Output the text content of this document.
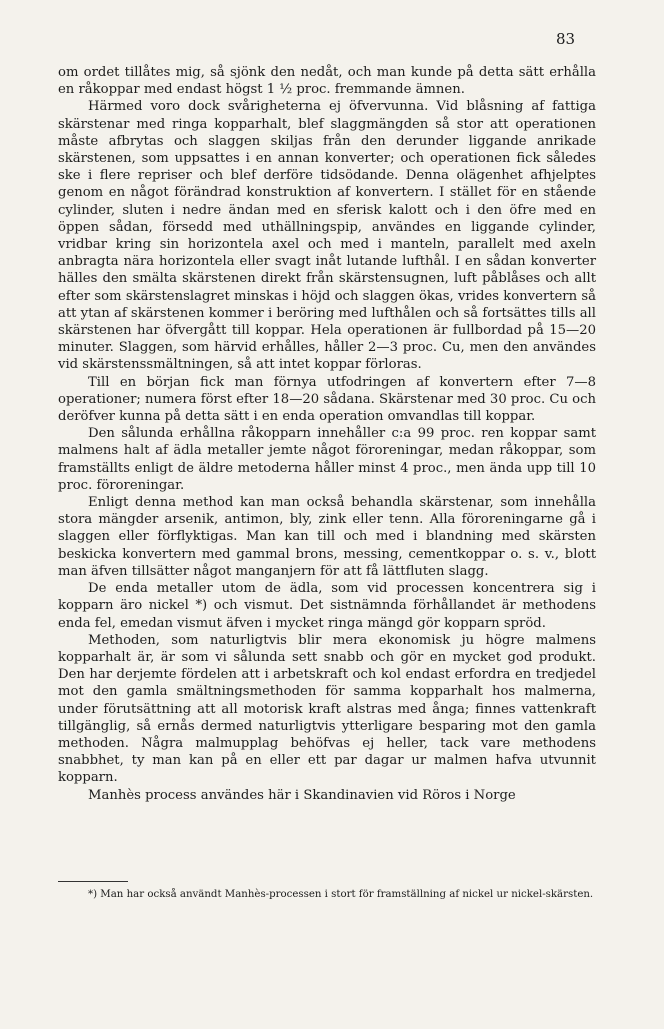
83

om ordet tillåtes mig, så sjönk den nedåt, och man kunde på detta sätt erhålla en råkoppar med endast högst 1 ½ proc. fremmande ämnen.

Härmed voro dock svårigheterna ej öfvervunna. Vid blåsning af fattiga skärstenar med ringa kopparhalt, blef slaggmängden så stor att operationen måste afbrytas och slaggen skiljas från den derunder liggande anrikade skärstenen, som uppsattes i en annan konverter; och operationen fick således ske i flere repriser och blef derföre tidsödande. Denna olägenhet afhjelptes genom en något förändrad konstruktion af konvertern. I stället för en stående cylinder, sluten i nedre ändan med en sferisk kalott och i den öfre med en öppen sådan, försedd med uthällningspip, användes en liggande cylinder, vridbar kring sin horizontela axel och med i manteln, parallelt med axeln anbragta nära horizontela eller svagt inåt lutande lufthål. I en sådan konverter hälles den smälta skärstenen direkt från skärstensugnen, luft påblåses och allt efter som skärstenslagret minskas i höjd och slaggen ökas, vrides konvertern så att ytan af skärstenen kommer i beröring med lufthålen och så fortsättes tills all skärstenen har öfvergått till koppar. Hela operationen är fullbordad på 15—20 minuter. Slaggen, som härvid erhålles, håller 2—3 proc. Cu, men den användes vid skärstenssmältningen, så att intet koppar förloras.

Till en början fick man förnya utfodringen af konvertern efter 7—8 operationer; numera först efter 18—20 sådana. Skärstenar med 30 proc. Cu och deröfver kunna på detta sätt i en enda operation omvandlas till koppar.

Den sålunda erhållna råkopparn innehåller c:a 99 proc. ren koppar samt malmens halt af ädla metaller jemte något föroreningar, medan råkoppar, som framställts enligt de äldre metoderna håller minst 4 proc., men ända upp till 10 proc. föroreningar.

Enligt denna method kan man också behandla skärstenar, som innehålla stora mängder arsenik, antimon, bly, zink eller tenn. Alla föroreningarne gå i slaggen eller förflyktigas. Man kan till och med i blandning med skärsten beskicka konvertern med gammal brons, messing, cementkoppar o. s. v., blott man äfven tillsätter något manganjern för att få lättfluten slagg.

De enda metaller utom de ädla, som vid processen koncentrera sig i kopparn äro nickel *) och vismut. Det sistnämnda förhållandet är methodens enda fel, emedan vismut äfven i mycket ringa mängd gör kopparn spröd.

Methoden, som naturligtvis blir mera ekonomisk ju högre malmens kopparhalt är, är som vi sålunda sett snabb och gör en mycket god produkt. Den har derjemte fördelen att i arbetskraft och kol endast erfordra en tredjedel mot den gamla smältningsmethoden för samma kopparhalt hos malmerna, under förutsättning att all motorisk kraft alstras med ånga; finnes vattenkraft tillgänglig, så ernås dermed naturligtvis ytterligare besparing mot den gamla methoden. Några malmupplag behöfvas ej heller, tack vare methodens snabbhet, ty man kan på en eller ett par dagar ur malmen hafva utvunnit kopparn.

Manhès process användes här i Skandinavien vid Röros i Norge

*) Man har också användt Manhès-processen i stort för framställning af nickel ur nickel-skärsten.
